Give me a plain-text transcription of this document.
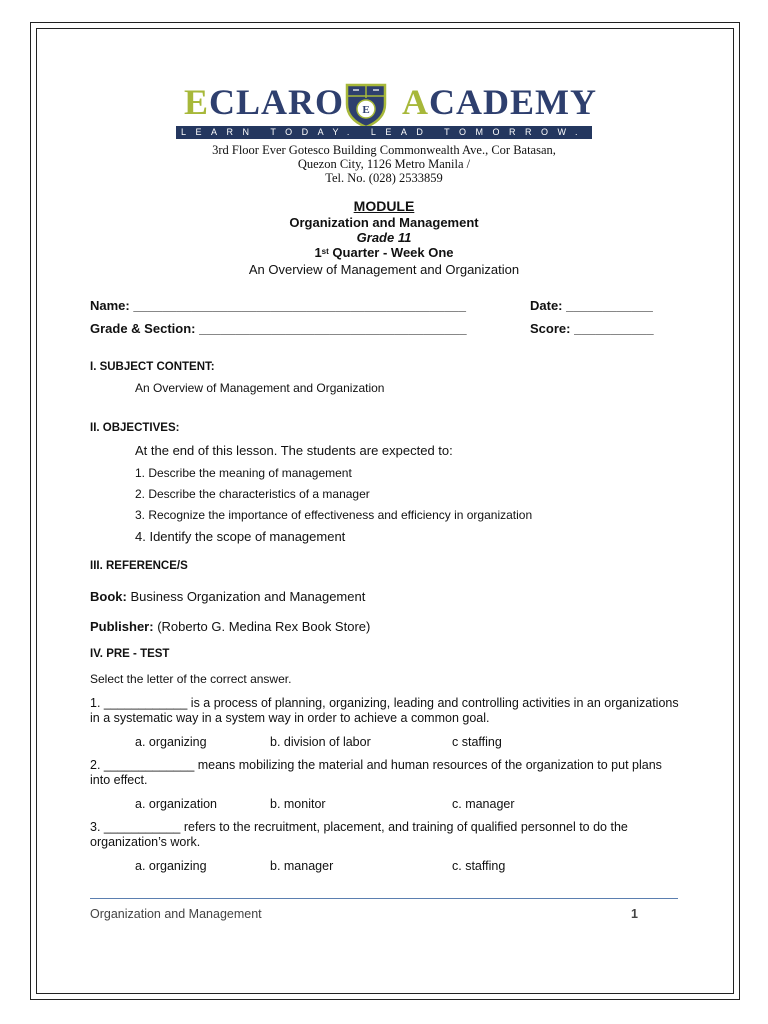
ECLARO E ACADEMY
LEARN TODAY. LEAD TOMORROW.
3rd Floor Ever Gotesco Building Commonwealth Ave., Cor Batasan,
Quezon City, 1126 Metro Manila /
Tel. No. (028) 2533859
MODULE
Organization and Management
Grade 11
1st Quarter - Week One
An Overview of Management and Organization
Name: ______________________________________________	Date: ____________
Grade & Section: _____________________________________	Score: ___________
I. SUBJECT CONTENT:
An Overview of Management and Organization
II. OBJECTIVES:
At the end of this lesson. The students are expected to:
1. Describe the meaning of management
2. Describe the characteristics of a manager
3. Recognize the importance of effectiveness and efficiency in organization
4. Identify the scope of management
III. REFERENCE/S
Book: Business Organization and Management
Publisher: (Roberto G. Medina Rex Book Store)
IV. PRE - TEST
Select the letter of the correct answer.
1. ____________ is a process of planning, organizing, leading and controlling activities in an organizations in a systematic way in a system way in order to achieve a common goal.
a. organizing	b. division of labor	c staffing
2. _____________ means mobilizing the material and human resources of the organization to put plans into effect.
a. organization	b. monitor	c. manager
3. ___________ refers to the recruitment, placement, and training of qualified personnel to do the organization’s work.
a. organizing	b. manager	c. staffing
Organization and Management	1
